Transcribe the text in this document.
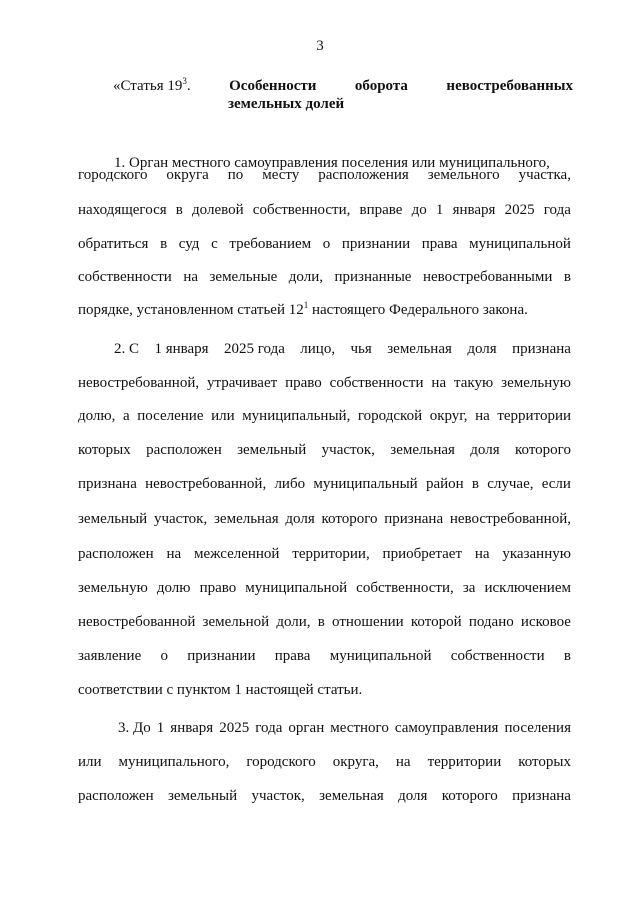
3
«Статья $19^3$.	Особенности	оборота	невостребованных
земельных долей
1. Орган местного самоуправления поселения или муниципального,
городского округа по месту расположения земельного участка,
находящегося в долевой собственности, вправе до 1 января 2025 года
обратиться в суд с требованием о признании права муниципальной
собственности на земельные доли, признанные невостребованными в
порядке, установленном статьей $12^1$ настоящего Федерального закона.
2. С 1 января 2025 года лицо, чья земельная доля признана
невостребованной, утрачивает право собственности на такую земельную
долю, а поселение или муниципальный, городской округ, на территории
которых расположен земельный участок, земельная доля которого
признана невостребованной, либо муниципальный район в случае, если
земельный участок, земельная доля которого признана невостребованной,
расположен на межселенной территории, приобретает на указанную
земельную долю право муниципальной собственности, за исключением
невостребованной земельной доли, в отношении которой подано исковое
заявление о признании права муниципальной собственности в
соответствии с пунктом 1 настоящей статьи.
3. До 1 января 2025 года орган местного самоуправления поселения
или муниципального, городского округа, на территории которых
расположен земельный участок, земельная доля которого признана
